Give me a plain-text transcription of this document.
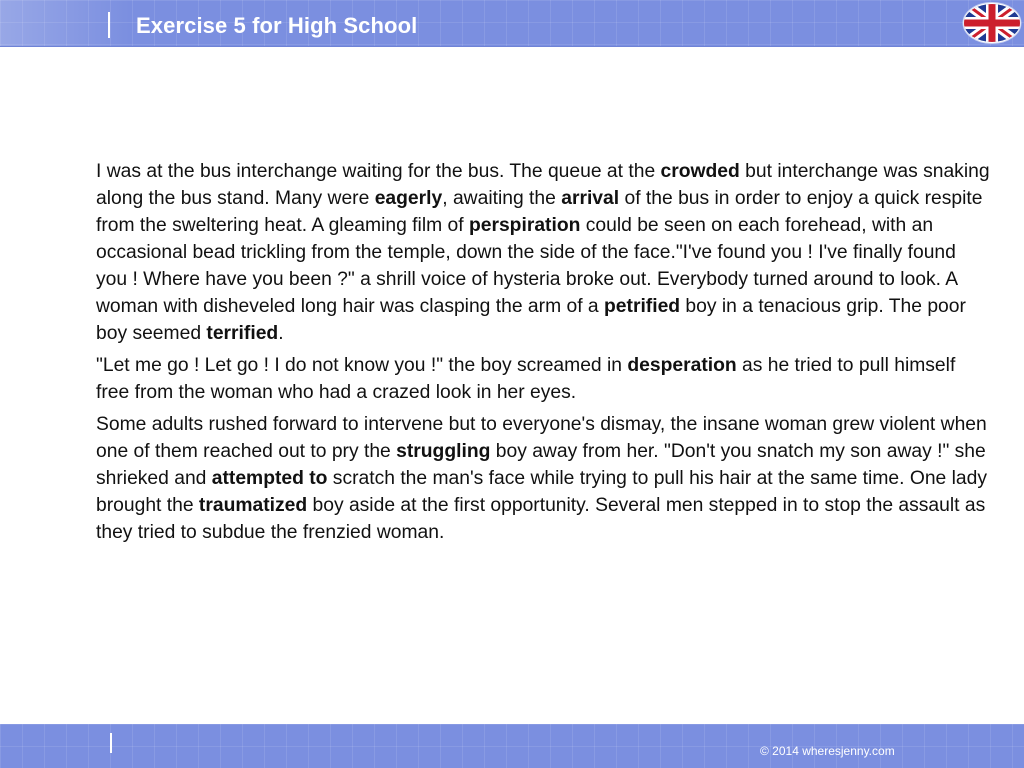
Exercise 5 for High School

I was at the bus interchange waiting for the bus. The queue at the crowded but interchange was snaking along the bus stand. Many were eagerly, awaiting the arrival of the bus in order to enjoy a quick respite from the sweltering heat. A gleaming film of perspiration could be seen on each forehead, with an occasional bead trickling from the temple, down the side of the face."I've found you ! I've finally found you ! Where have you been ?" a shrill voice of hysteria broke out. Everybody turned around to look. A woman with disheveled long hair was clasping the arm of a petrified boy in a tenacious grip. The poor boy seemed terrified.

"Let me go ! Let go ! I do not know you !" the boy screamed in desperation as he tried to pull himself free from the woman who had a crazed look in her eyes.

Some adults rushed forward to intervene but to everyone's dismay, the insane woman grew violent when one of them reached out to pry the struggling boy away from her. "Don't you snatch my son away !" she shrieked and attempted to scratch the man's face while trying to pull his hair at the same time. One lady brought the traumatized boy aside at the first opportunity. Several men stepped in to stop the assault as they tried to subdue the frenzied woman.

© 2014 wheresjenny.com
